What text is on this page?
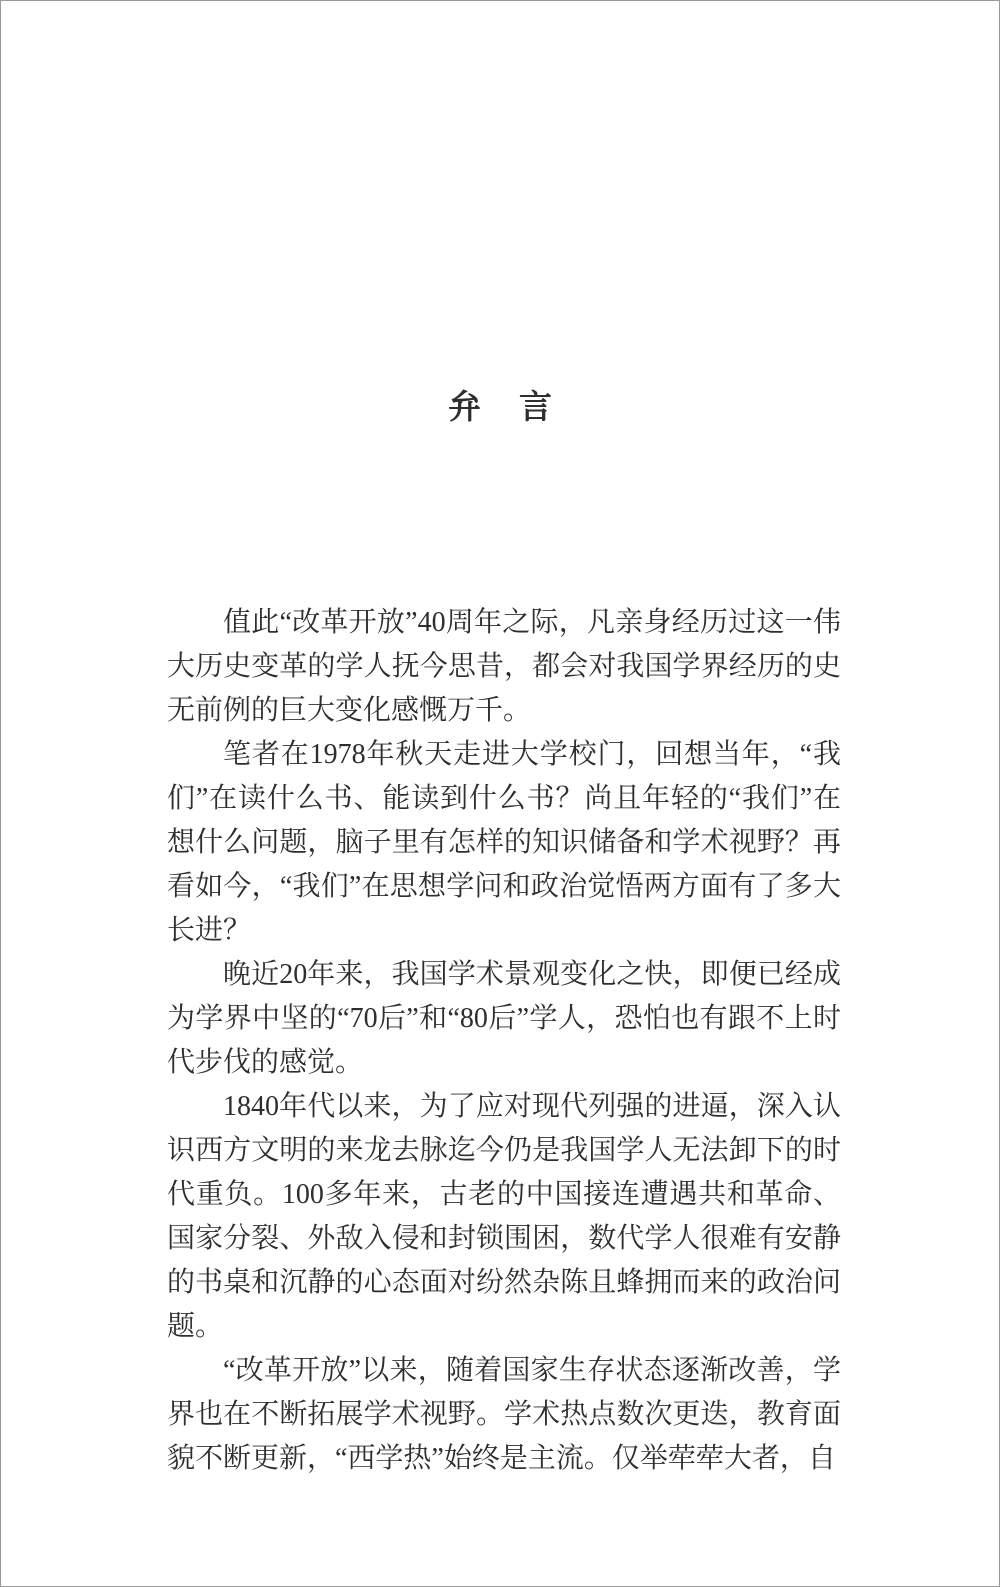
弁 言

值此“改革开放”40周年之际，凡亲身经历过这一伟大历史变革的学人抚今思昔，都会对我国学界经历的史无前例的巨大变化感慨万千。

笔者在1978年秋天走进大学校门，回想当年，“我们”在读什么书、能读到什么书？尚且年轻的“我们”在想什么问题，脑子里有怎样的知识储备和学术视野？再看如今，“我们”在思想学问和政治觉悟两方面有了多大长进？

晚近20年来，我国学术景观变化之快，即便已经成为学界中坚的“70后”和“80后”学人，恐怕也有跟不上时代步伐的感觉。

1840年代以来，为了应对现代列强的进逼，深入认识西方文明的来龙去脉迄今仍是我国学人无法卸下的时代重负。100多年来，古老的中国接连遭遇共和革命、国家分裂、外敌入侵和封锁围困，数代学人很难有安静的书桌和沉静的心态面对纷然杂陈且蜂拥而来的政治问题。

“改革开放”以来，随着国家生存状态逐渐改善，学界也在不断拓展学术视野。学术热点数次更迭，教育面貌不断更新，“西学热”始终是主流。仅举荦荦大者，自
